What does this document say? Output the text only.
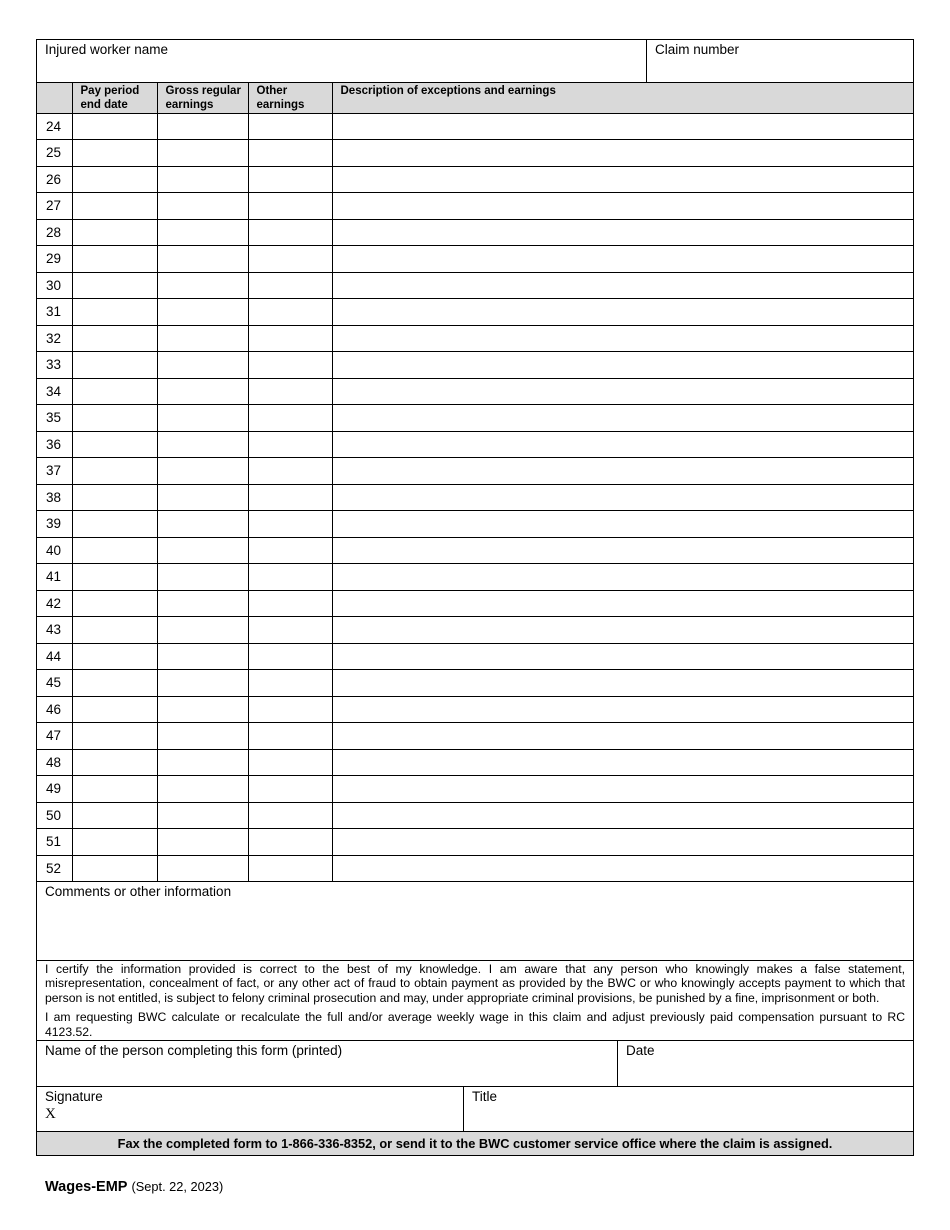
Injured worker name	Claim number
	Pay period end date	Gross regular earnings	Other earnings	Description of exceptions and earnings
24				
25				
26				
27				
28				
29				
30				
31				
32				
33				
34				
35				
36				
37				
38				
39				
40				
41				
42				
43				
44				
45				
46				
47				
48				
49				
50				
51				
52				
Comments or other information

I certify the information provided is correct to the best of my knowledge. I am aware that any person who knowingly makes a false statement, misrepresentation, concealment of fact, or any other act of fraud to obtain payment as provided by the BWC or who knowingly accepts payment to which that person is not entitled, is subject to felony criminal prosecution and may, under appropriate criminal provisions, be punished by a fine, imprisonment or both.

I am requesting BWC calculate or recalculate the full and/or average weekly wage in this claim and adjust previously paid compensation pursuant to RC 4123.52.

Name of the person completing this form (printed)	Date
Signature
X
Title
Fax the completed form to 1-866-336-8352, or send it to the BWC customer service office where the claim is assigned.
Wages-EMP (Sept. 22, 2023)
